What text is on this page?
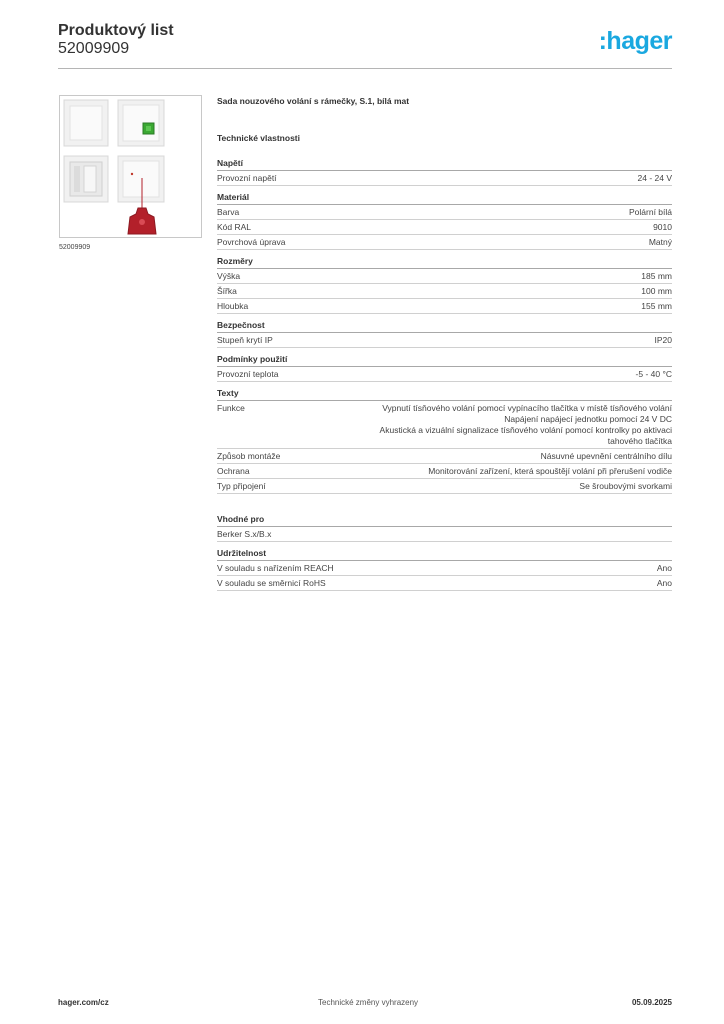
Produktový list
52009909	:hager
52009909
Sada nouzového volání s rámečky, S.1, bílá mat
Technické vlastnosti
Napětí
Provozní napětí	24 - 24 V
Materiál
Barva	Polární bílá
Kód RAL	9010
Povrchová úprava	Matný
Rozměry
Výška	185 mm
Šířka	100 mm
Hloubka	155 mm
Bezpečnost
Stupeň krytí IP	IP20
Podmínky použití
Provozní teplota	-5 - 40 °C
Texty
Funkce	Vypnutí tísňového volání pomocí vypínacího tlačítka v místě tísňového volání
Napájení napájecí jednotku pomocí 24 V DC
Akustická a vizuální signalizace tísňového volání pomocí kontrolky po aktivaci
tahového tlačítka
Způsob montáže	Násuvné upevnění centrálního dílu
Ochrana	Monitorování zařízení, která spouštějí volání při přerušení vodiče
Typ připojení	Se šroubovými svorkami
Vhodné pro
Berker S.x/B.x
Udržitelnost
V souladu s nařízením REACH	Ano
V souladu se směrnicí RoHS	Ano
hager.com/cz	Technické změny vyhrazeny	05.09.2025
